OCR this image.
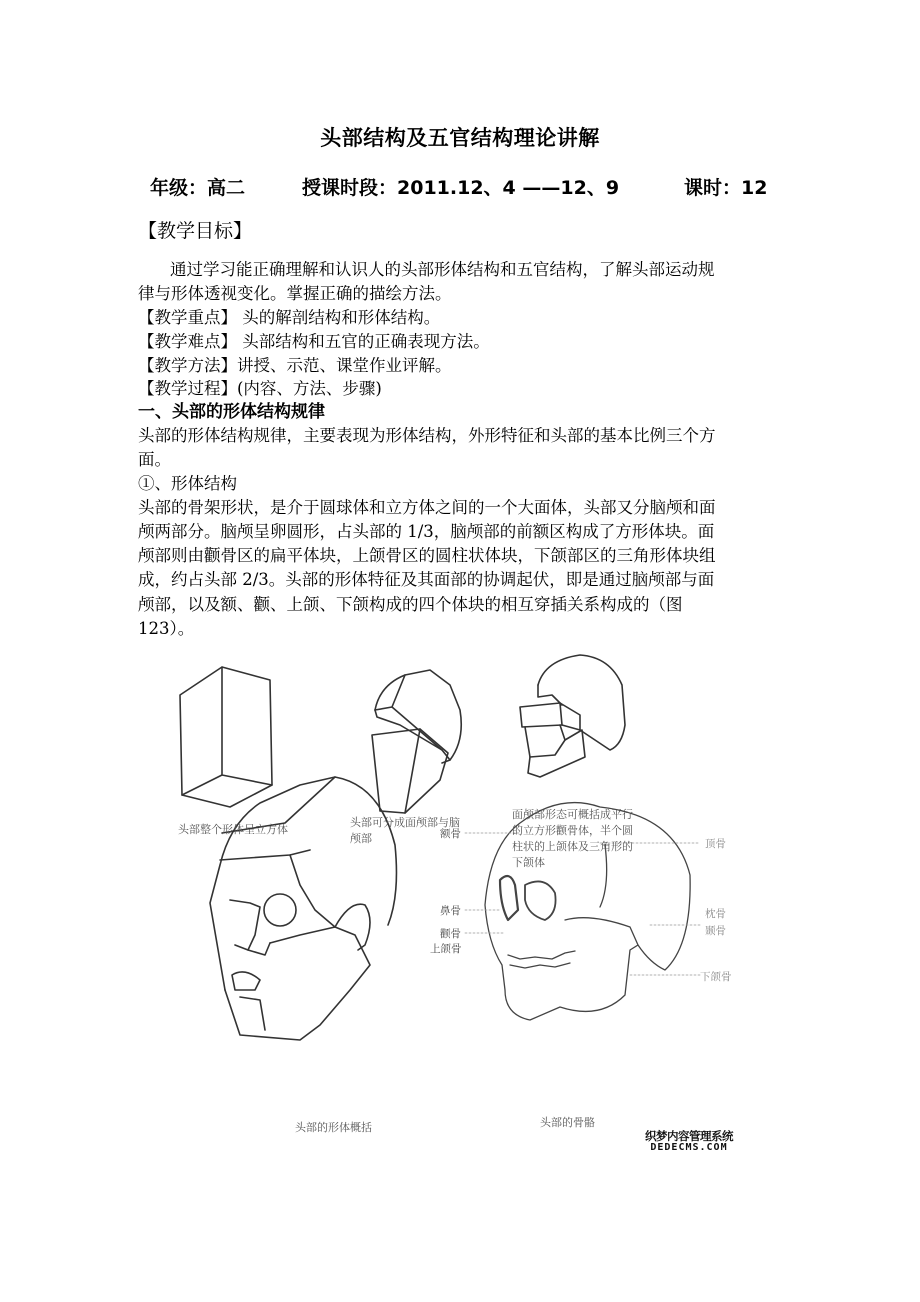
头部结构及五官结构理论讲解
年级：高二	授课时段：2011.12、4 ——12、9	课时：12
【教学目标】
通过学习能正确理解和认识人的头部形体结构和五官结构，了解头部运动规
律与形体透视变化。掌握正确的描绘方法。
【教学重点】 头的解剖结构和形体结构。
【教学难点】 头部结构和五官的正确表现方法。
【教学方法】讲授、示范、课堂作业评解。
【教学过程】(内容、方法、步骤)
一、头部的形体结构规律
头部的形体结构规律，主要表现为形体结构，外形特征和头部的基本比例三个方
面。
①、形体结构
头部的骨架形状，是介于圆球体和立方体之间的一个大面体，头部又分脑颅和面
颅两部分。脑颅呈卵圆形，占头部的 1/3，脑颅部的前额区构成了方形体块。面
颅部则由颧骨区的扁平体块，上颌骨区的圆柱状体块，下颌部区的三角形体块组
成，约占头部 2/3。头部的形体特征及其面部的协调起伏，即是通过脑颅部与面
颅部，以及额、颧、上颌、下颌构成的四个体块的相互穿插关系构成的（图
123）。
头部整个形体呈立方体
头部可分成面颅部与脑
颅部
面颅部形态可概括成平行
的立方形颧骨体，半个圆
柱状的上颌体及三角形的
下颌体
头部的形体概括	头部的骨骼
额骨
鼻骨
颧骨
上颌骨
顶骨
枕骨
颞骨
下颌骨
织梦内容管理系统
DEDECMS.COM
